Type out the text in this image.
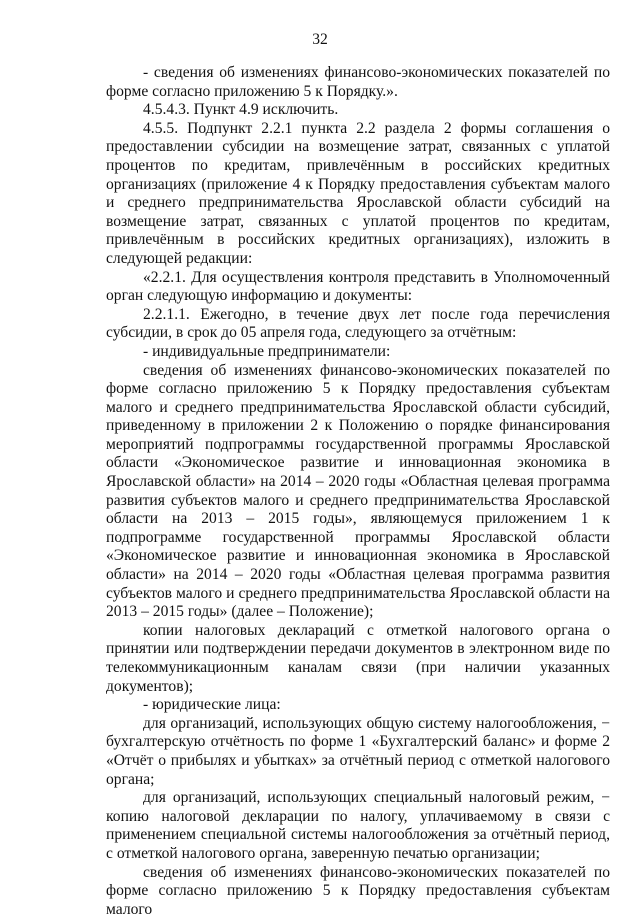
32

- сведения об изменениях финансово-экономических показателей по форме согласно приложению 5 к Порядку.».

4.5.4.3. Пункт 4.9 исключить.

4.5.5. Подпункт 2.2.1 пункта 2.2 раздела 2 формы соглашения о предоставлении субсидии на возмещение затрат, связанных с уплатой процентов по кредитам, привлечённым в российских кредитных организациях (приложение 4 к Порядку предоставления субъектам малого и среднего предпринимательства Ярославской области субсидий на возмещение затрат, связанных с уплатой процентов по кредитам, привлечённым в российских кредитных организациях), изложить в следующей редакции:

«2.2.1. Для осуществления контроля представить в Уполномоченный орган следующую информацию и документы:

2.2.1.1. Ежегодно, в течение двух лет после года перечисления субсидии, в срок до 05 апреля года, следующего за отчётным:

- индивидуальные предприниматели:

сведения об изменениях финансово-экономических показателей по форме согласно приложению 5 к Порядку предоставления субъектам малого и среднего предпринимательства Ярославской области субсидий, приведенному в приложении 2 к Положению о порядке финансирования мероприятий подпрограммы государственной программы Ярославской области «Экономическое развитие и инновационная экономика в Ярославской области» на 2014 – 2020 годы «Областная целевая программа развития субъектов малого и среднего предпринимательства Ярославской области на 2013 – 2015 годы», являющемуся приложением 1 к подпрограмме государственной программы Ярославской области «Экономическое развитие и инновационная экономика в Ярославской области» на 2014 – 2020 годы «Областная целевая программа развития субъектов малого и среднего предпринимательства Ярославской области на 2013 – 2015 годы» (далее – Положение);

копии налоговых деклараций с отметкой налогового органа о принятии или подтверждении передачи документов в электронном виде по телекоммуникационным каналам связи (при наличии указанных документов);

- юридические лица:

для организаций, использующих общую систему налогообложения, − бухгалтерскую отчётность по форме 1 «Бухгалтерский баланс» и форме 2 «Отчёт о прибылях и убытках» за отчётный период с отметкой налогового органа;

для организаций, использующих специальный налоговый режим, − копию налоговой декларации по налогу, уплачиваемому в связи с применением специальной системы налогообложения за отчётный период, с отметкой налогового органа, заверенную печатью организации;

сведения об изменениях финансово-экономических показателей по форме согласно приложению 5 к Порядку предоставления субъектам малого
